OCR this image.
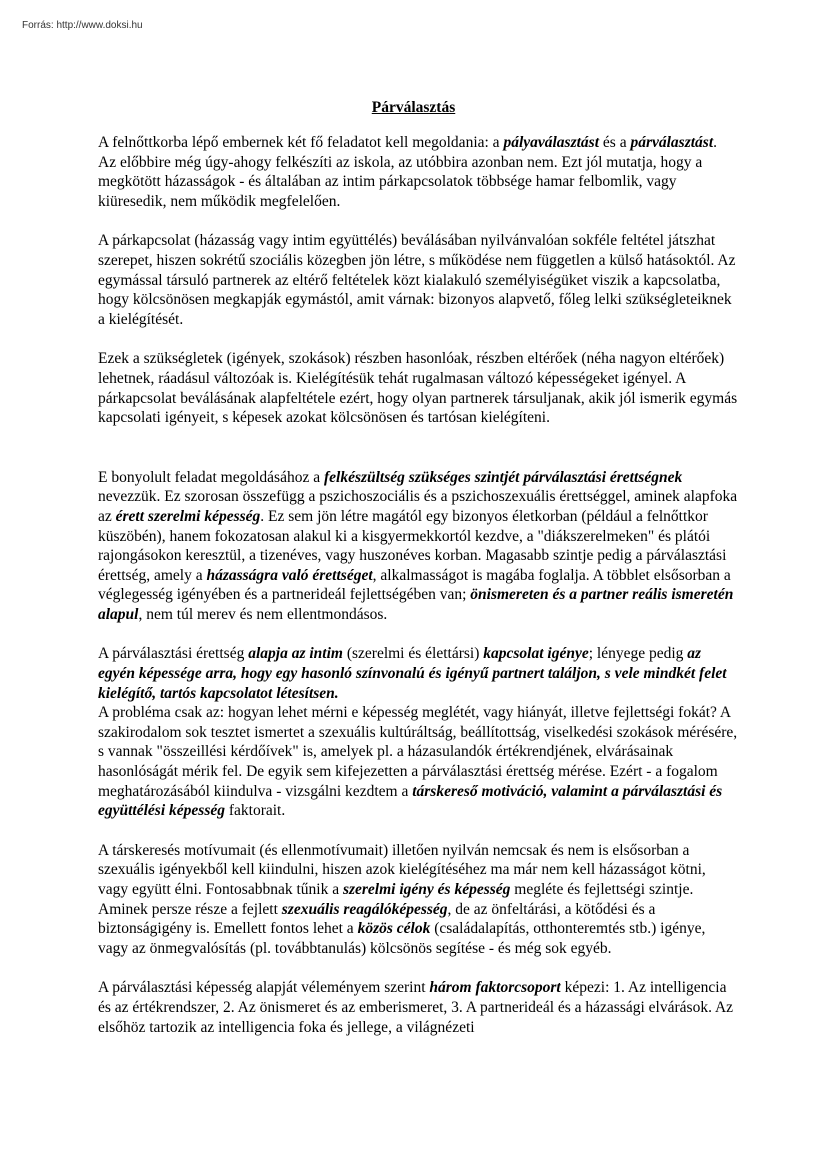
Forrás: http://www.doksi.hu
Párválasztás

A felnőttkorba lépő embernek két fő feladatot kell megoldania: a pályaválasztást és a párválasztást. Az előbbire még úgy-ahogy felkészíti az iskola, az utóbbira azonban nem. Ezt jól mutatja, hogy a megkötött házasságok - és általában az intim párkapcsolatok többsége hamar felbomlik, vagy kiüresedik, nem működik megfelelően.

A párkapcsolat (házasság vagy intim együttélés) beválásában nyilvánvalóan sokféle feltétel játszhat szerepet, hiszen sokrétű szociális közegben jön létre, s működése nem független a külső hatásoktól. Az egymással társuló partnerek az eltérő feltételek közt kialakuló személyiségüket viszik a kapcsolatba, hogy kölcsönösen megkapják egymástól, amit várnak: bizonyos alapvető, főleg lelki szükségleteiknek a kielégítését.

Ezek a szükségletek (igények, szokások) részben hasonlóak, részben eltérőek (néha nagyon eltérőek) lehetnek, ráadásul változóak is. Kielégítésük tehát rugalmasan változó képességeket igényel. A párkapcsolat beválásának alapfeltétele ezért, hogy olyan partnerek társuljanak, akik jól ismerik egymás kapcsolati igényeit, s képesek azokat kölcsönösen és tartósan kielégíteni.

E bonyolult feladat megoldásához a felkészültség szükséges szintjét párválasztási érettségnek nevezzük. Ez szorosan összefügg a pszichoszociális és a pszichoszexuális érettséggel, aminek alapfoka az érett szerelmi képesség. Ez sem jön létre magától egy bizonyos életkorban (például a felnőttkor küszöbén), hanem fokozatosan alakul ki a kisgyermekkortól kezdve, a "diákszerelmeken" és plátói rajongásokon keresztül, a tizenéves, vagy huszonéves korban. Magasabb szintje pedig a párválasztási érettség, amely a házasságra való érettséget, alkalmasságot is magába foglalja. A többlet elsősorban a véglegesség igényében és a partnerideál fejlettségében van; önismereten és a partner reális ismeretén alapul, nem túl merev és nem ellentmondásos.

A párválasztási érettség alapja az intim (szerelmi és élettársi) kapcsolat igénye; lényege pedig az egyén képessége arra, hogy egy hasonló színvonalú és igényű partnert találjon, s vele mindkét felet kielégítő, tartós kapcsolatot létesítsen.

A probléma csak az: hogyan lehet mérni e képesség meglétét, vagy hiányát, illetve fejlettségi fokát? A szakirodalom sok tesztet ismertet a szexuális kultúráltság, beállítottság, viselkedési szokások mérésére, s vannak "összeillési kérdőívek" is, amelyek pl. a házasulandók értékrendjének, elvárásainak hasonlóságát mérik fel. De egyik sem kifejezetten a párválasztási érettség mérése. Ezért - a fogalom meghatározásából kiindulva - vizsgálni kezdtem a társkereső motiváció, valamint a párválasztási és együttélési képesség faktorait.

A társkeresés motívumait (és ellenmotívumait) illetően nyilván nemcsak és nem is elsősorban a szexuális igényekből kell kiindulni, hiszen azok kielégítéséhez ma már nem kell házasságot kötni, vagy együtt élni. Fontosabbnak tűnik a szerelmi igény és képesség megléte és fejlettségi szintje. Aminek persze része a fejlett szexuális reagálóképesség, de az önfeltárási, a kötődési és a biztonságigény is. Emellett fontos lehet a közös célok (családalapítás, otthonteremtés stb.) igénye, vagy az önmegvalósítás (pl. továbbtanulás) kölcsönös segítése - és még sok egyéb.

A párválasztási képesség alapját véleményem szerint három faktorcsoport képezi: 1. Az intelligencia és az értékrendszer, 2. Az önismeret és az emberismeret, 3. A partnerideál és a házassági elvárások. Az elsőhöz tartozik az intelligencia foka és jellege, a világnézeti
